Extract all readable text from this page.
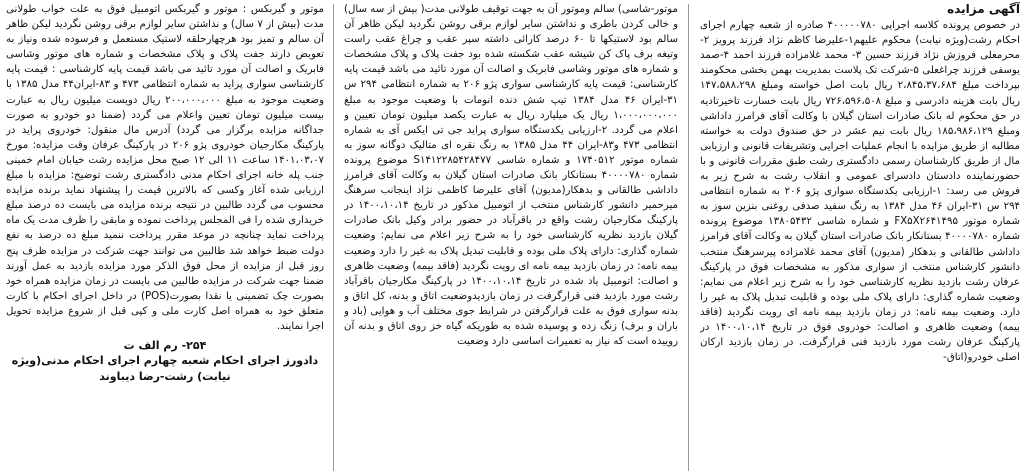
آگهی مزایده
در خصوص پرونده کلاسه اجرایی ۴۰۰۰۰۰۷۸۰ صادره از شعبه چهارم اجرای احکام رشت(ویژه نیابت) محکوم علیهم۱-علیرضا کاظم نژاد فرزند پرویز ۲-محرمعلی فروزش نژاد فرزند حسین ۳- محمد غلامزاده فرزند احمد ۴-صمد یوسفی فرزند چراغعلی ۵-شرکت تک پلاست بمدیریت بهمن بخشی محکومند بپرداخت مبلغ ۲،۸۴۵،۳۷،۶۸۴ ریال بابت اصل خواسته ومبلغ ۱۴۷،۵۸۸،۲۹۸ ریال بابت هزینه دادرسی و مبلغ ۷۲۶،۵۹۶،۵۰۸ ریال بابت خسارت تاخیرتادیه در حق محکوم له بانک صادرات استان گیلان با وکالت آقای فرامرز داداشی ومبلغ ۱۸۵،۹۸۶،۱۲۹ ریال بابت نیم عشر در حق صندوق دولت به خواسته مطالبه از طریق مزایده با انجام عملیات اجرایی وتشریفات قانونی و ارزیابی مال از طریق کارشناسان رسمی دادگستری رشت طبق مقررات قانونی و با حضورنماینده دادستان دادسرای عمومی و انقلاب رشت به شرح زیر به فروش می رسد: ۱-ارزیابی یکدستگاه سواری پژو ۲۰۶ به شماره انتظامی ۲۹۴ س ۳۱-ایران ۴۶ مدل ۱۳۸۴ به رنگ سفید صدفی روغنی بنزین سوز به شماره موتور FX۵X۲۶۴۱۴۹۵ و شماره شاسی ۱۳۸۰۵۴۳۲ موضوع پرونده شماره ۴۰۰۰۰۷۸۰ بستانکار بانک صادرات استان گیلان به وکالت آقای فرامرز داداشی طالقانی و بدهکار (مدیون) آقای محمد غلامزاده پیرسرهنگ منتخب دانشور کارشناس منتخب از سواری مذکور به مشخصات فوق در پارکینگ عرفان رشت بازدید نظریه کارشناسی خود را به شرح زیر اعلام می نمایم: وضعیت شماره گذاری: دارای پلاک ملی بوده و قابلیت تبدیل پلاک به غیر را دارد. وضعیت بیمه نامه: در زمان بازدید بیمه نامه ای رویت نگردید (فاقد بیمه) وضعیت ظاهری و اصالت: خودروی فوق در تاریخ ۱۴۰۰،۱۰،۱۴ در پارکینگ عرفان رشت مورد بازدید فنی قرارگرفت. در زمان بازدید ارکان اصلی خودرو(اتاق-
موتور-شاسی) سالم وموتور آن به جهت توقیف طولانی مدت( بیش از سه سال) و خالی کردن باطری و نداشتن سایر لوازم برقی روشن نگردید لیکن ظاهر آن سالم بود لاستیکها تا ۶۰ درصد کارائی داشته سپر عقب و چراغ عقب راست وتیغه برف پاک کن شیشه عقب شکسته شده بود جفت پلاک و پلاک مشخصات و شماره های موتور وشاسی فابریک و اصالت آن مورد تائید می باشد قیمت پایه کارشناسی: قیمت پایه کارشناسی سواری پژو ۲۰۶ به شماره انتظامی ۲۹۴ س ۳۱-ایران ۴۶ مدل ۱۳۸۴ تیپ شش دنده انومات با وضعیت موجود به مبلغ ۱،۰۰۰،۰۰۰،۰۰۰ ریال یک میلیارد ریال به عبارت یکصد میلیون تومان تعیین و اعلام می گردد. ۲-ارزیابی یکدستگاه سواری پراید جی تی ایکس آی به شماره انتظامی ۴۷۳ و۸۳-ایران ۴۴ مدل ۱۳۸۵ به رنگ نقره ای متالیک دوگانه سوز به شماره موتور ۱۷۴۰۵۱۲ و شماره شاسی S۱۴۱۲۲۸۵۴۲۸۴۷۷ موضوع پرونده شماره ۴۰۰۰۰۷۸۰ بستانکار بانک صادرات استان گیلان به وکالت آقای فرامرز داداشی طالقانی و بدهکار(مدیون) آقای علیرضا کاظمی نژاد اینجانب سرهنگ میرحمیر دانشور کارشناس منتخب از اتومبیل مذکور در تاریخ ۱۴۰۰،۱۰،۱۴ در پارکینگ مکارجیان رشت واقع در باقرآباد در حضور برادر وکیل بانک صادرات گیلان بازدید نظریه کارشناسی خود را به شرح زیر اعلام می نمایم: وضعیت شماره گذاری: دارای پلاک ملی بوده و قابلیت تبدیل پلاک به غیر را دارد وضعیت بیمه نامه: در زمان بازدید بیمه نامه ای رویت نگردید (فاقد بیمه) وضعیت ظاهری و اصالت: اتومبیل یاد شده در تاریخ ۱۴۰۰،۱۰،۱۴ در پارکینگ مکارجیان باقرآباد رشت مورد بازدید فنی قرارگرفت در زمان بازدیدوضعیت اتاق و بدنه، کل اتاق و بدنه سواری فوق به علت قرارگرفتن در شرایط جوی مختلف آب و هوایی (باد و باران و برف) زنگ زده و پوسیده شده به طوریکه گیاه خز روی اتاق و بدنه آن روییده است که نیاز به تعمیرات اساسی دارد وضعیت
موتور و گیربکس : موتور و گیربکس اتومبیل فوق به علت خواب طولانی مدت (بیش از ۷ سال) و نداشتن سایر لوازم برقی روشن نگردید لیکن ظاهر آن سالم و تمیز بود هرچهارحلقه لاستیک مستعمل و فرسوده شده ونیاز به تعویض دارند جفت پلاک و پلاک مشخصات و شماره های موتور وشاسی فابریک و اصالت آن مورد تائید می باشد قیمت پایه کارشناسی : قیمت پایه کارشناسی سواری پراید به شماره انتظامی ۴۷۳ و ۸۳-ایران۴۴ مدل ۱۳۸۵ با وضعیت موجود به مبلغ ۲۰۰،۰۰۰،۰۰۰ ریال دویست میلیون ریال به عبارت بیست میلیون تومان تعیین واعلام می گردد (ضمنا دو خودرو به صورت جداگانه مزایده برگزار می گردد) آدرس مال منقول: خودروی پراید در پارکینگ مکارجیان خودروی پژو ۲۰۶ در پارکینگ عرفان وقت مزایده: مورخ ۱۴۰۱،۰۳،۰۷ ساعت ۱۱ الی ۱۲ صبح محل مزایده رشت خیابان امام خمینی جنب پله خانه اجرای احکام مدنی دادگستری رشت توضیح: مزایده با مبلغ ارزیابی شده آغاز وکسی که بالاترین قیمت را پیشنهاد نماید برنده مزایده محسوب می گردد طالبین در نتیجه برنده مزایده می بایست ده درصد مبلغ خریداری شده را فی المجلس پرداخت نموده و مابقی را ظرف مدت یک ماه پرداخت نماید چنانچه در موعد مقرر پرداخت ننمید مبلغ ده درصد به نفع دولت ضبط خواهد شد طالبین می توانند جهت شرکت در مزایده ظرف پنج روز قبل از مزایده از محل فوق الذکر مورد مزایده بازدید به عمل آورند ضمنا جهت شرکت در مزایده طالبین می بایست در زمان مزایده همراه خود بصورت چک تضمینی یا نقدا بصورت(POS) در داخل اجرای احکام با کارت متعلق خود به همراه اصل کارت ملی و کپی قبل از شروع مزایده تحویل اجرا نمایند.
۲۵۴- رم الف ت
دادورز اجرای احکام شعبه چهارم اجرای احکام مدنی(ویژه
نیابت) رشت-رضا دیباوند
